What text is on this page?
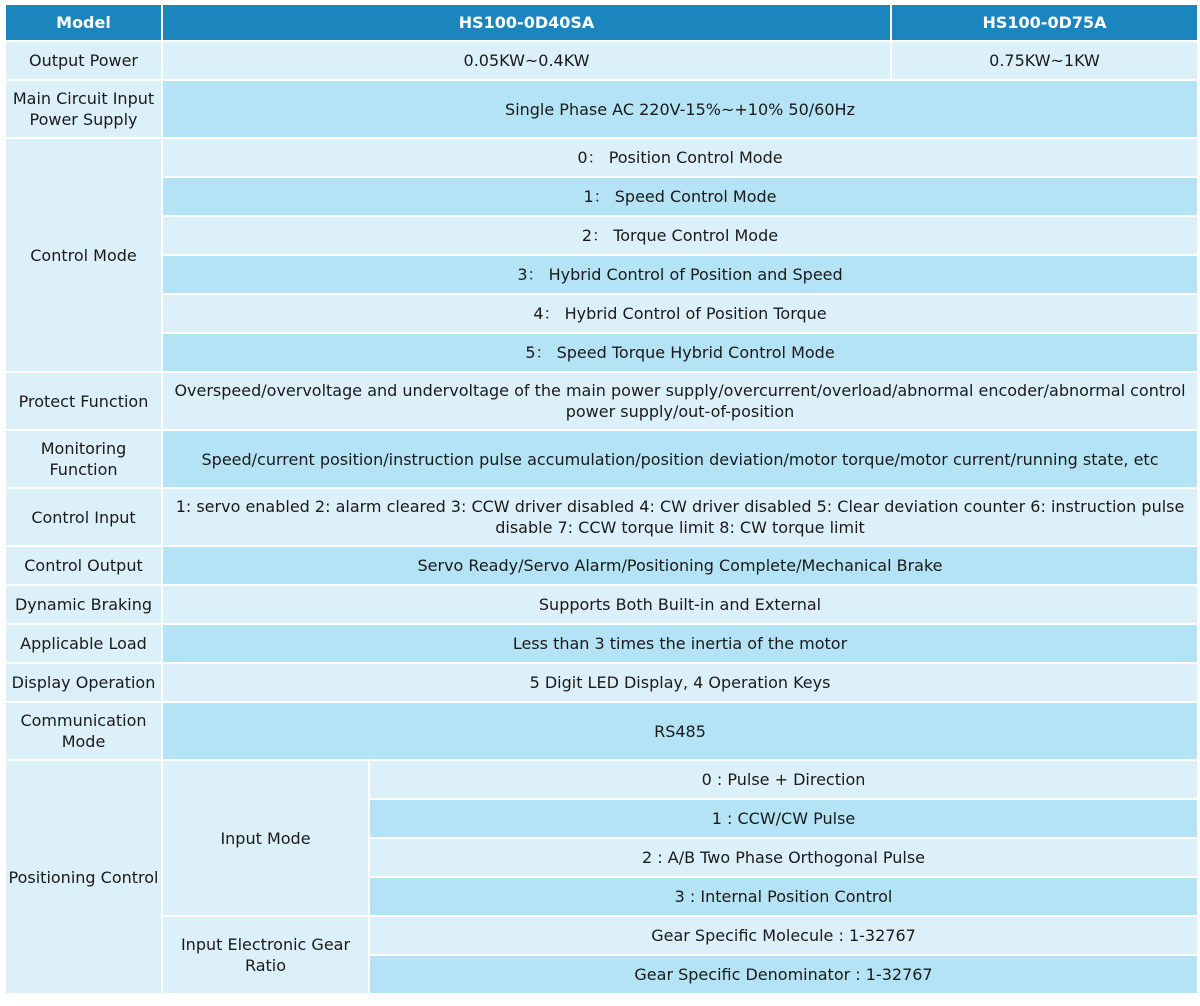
Model	HS100-0D40SA		HS100-0D75A
Output Power	0.05KW~0.4KW		0.75KW~1KW
Main Circuit Input Power Supply	Single Phase AC 220V-15%~+10% 50/60Hz		
Control Mode	0： Position Control Mode		
	1： Speed Control Mode		
	2： Torque Control Mode		
	3： Hybrid Control of Position and Speed		
	4： Hybrid Control of Position Torque		
	5： Speed Torque Hybrid Control Mode		
Protect Function	Overspeed/overvoltage and undervoltage of the main power supply/overcurrent/overload/abnormal encoder/abnormal control power supply/out-of-position		
Monitoring Function	Speed/current position/instruction pulse accumulation/position deviation/motor torque/motor current/running state, etc		
Control Input	1: servo enabled 2: alarm cleared 3: CCW driver disabled 4: CW driver disabled 5: Clear deviation counter 6: instruction pulse disable 7: CCW torque limit 8: CW torque limit		
Control Output	Servo Ready/Servo Alarm/Positioning Complete/Mechanical Brake		
Dynamic Braking	Supports Both Built-in and External		
Applicable Load	Less than 3 times the inertia of the motor		
Display Operation	5 Digit LED Display, 4 Operation Keys		
Communication Mode	RS485		
Positioning Control	Input Mode	0 : Pulse + Direction	
		1 : CCW/CW Pulse	
		2 : A/B Two Phase Orthogonal Pulse	
		3 : Internal Position Control	
	Input Electronic Gear Ratio	Gear Specific Molecule : 1-32767	
		Gear Specific Denominator : 1-32767	
